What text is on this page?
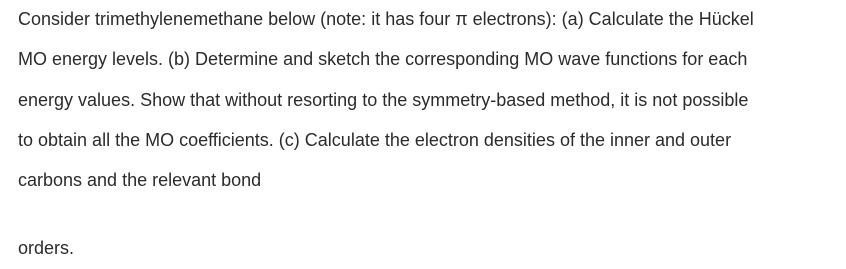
Consider trimethylenemethane below (note: it has four π electrons): (a) Calculate the Hückel
MO energy levels. (b) Determine and sketch the corresponding MO wave functions for each
energy values. Show that without resorting to the symmetry-based method, it is not possible
to obtain all the MO coefficients. (c) Calculate the electron densities of the inner and outer
carbons and the relevant bond
orders.
